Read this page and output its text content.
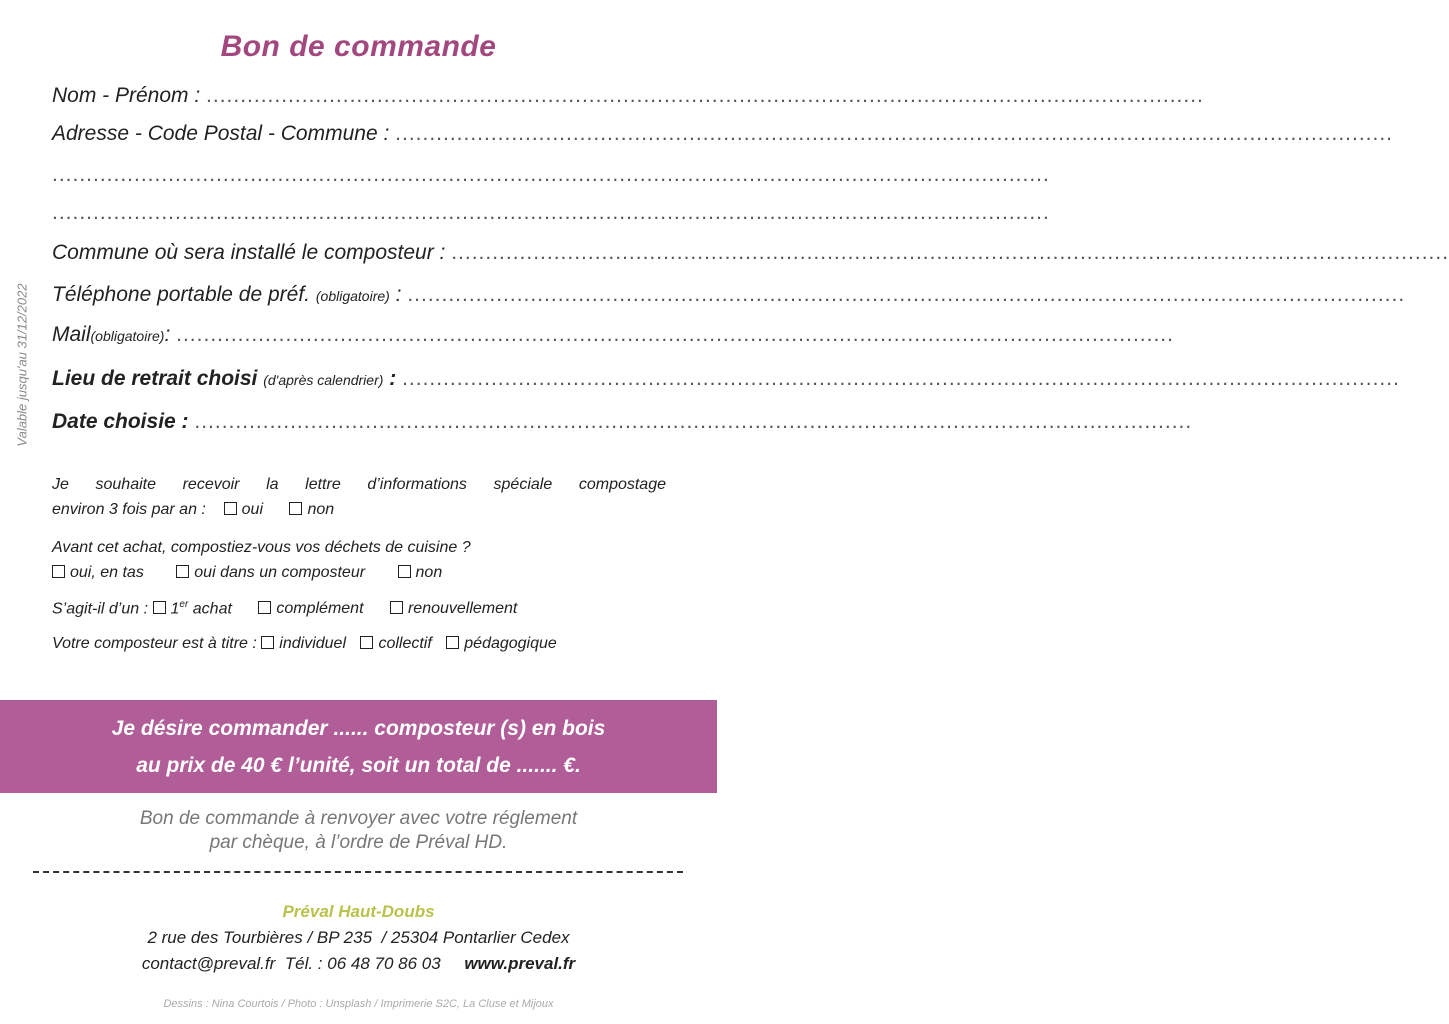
Bon de commande
Nom - Prénom : ..................................................................................................................................................
Adresse - Code Postal - Commune : ..................................................................................................................................................
..................................................................................................................................................
..................................................................................................................................................
Commune où sera installé le composteur : ..................................................................................................................................................
Téléphone portable de préf. (obligatoire) : ..................................................................................................................................................
Mail(obligatoire): ..................................................................................................................................................
Lieu de retrait choisi (d'après calendrier) : ..................................................................................................................................................
Date choisie : ..................................................................................................................................................
Valable jusqu'au 31/12/2022
Je souhaite recevoir la lettre d’informations spéciale compostage
environ 3 fois par an : oui	non
Avant cet achat, compostiez-vous vos déchets de cuisine ?
oui, en tas	oui dans un composteur	non
S’agit-il d’un : 1er achat	complément	renouvellement
Votre composteur est à titre : individuel collectif pédagogique
Je désire commander ...... composteur (s) en bois
au prix de 40 € l’unité, soit un total de ....... €.
Bon de commande à renvoyer avec votre réglement
par chèque, à l’ordre de Préval HD.
Préval Haut-Doubs
2 rue des Tourbières / BP 235  / 25304 Pontarlier Cedex
contact@preval.fr Tél. : 06 48 70 86 03 www.preval.fr
Dessins : Nina Courtois / Photo : Unsplash / Imprimerie S2C, La Cluse et Mijoux
